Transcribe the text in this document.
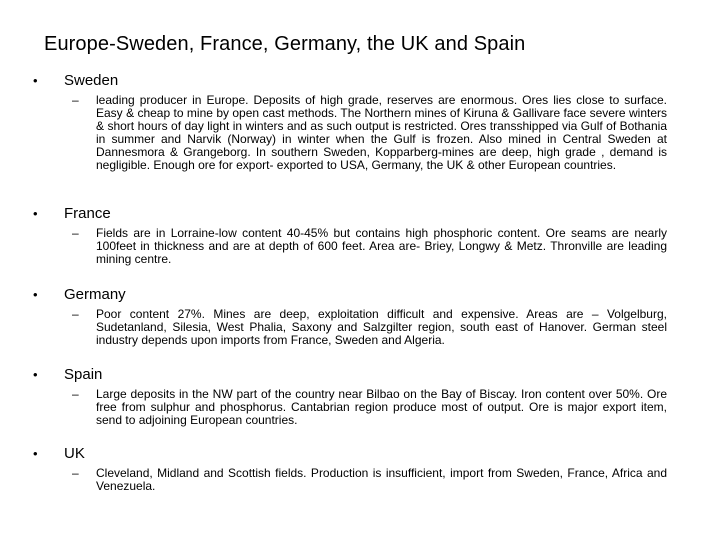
Europe-Sweden, France, Germany, the UK and Spain
• Sweden
– leading producer in Europe. Deposits of high grade, reserves are enormous. Ores lies close to surface. Easy & cheap to mine by open cast methods. The Northern mines of Kiruna & Gallivare face severe winters & short hours of day light in winters and as such output is restricted. Ores transshipped via Gulf of Bothania in summer and Narvik (Norway) in winter when the Gulf is frozen. Also mined in Central Sweden at Dannesmora & Grangeborg. In southern Sweden, Kopparberg-mines are deep, high grade , demand is negligible. Enough ore for export- exported to USA, Germany, the UK & other European countries.
• France
– Fields are in Lorraine-low content 40-45% but contains high phosphoric content. Ore seams are nearly 100feet in thickness and are at depth of 600 feet. Area are- Briey, Longwy & Metz. Thronville are leading mining centre.
• Germany
– Poor content 27%. Mines are deep, exploitation difficult and expensive. Areas are – Volgelburg, Sudetanland, Silesia, West Phalia, Saxony and Salzgilter region, south east of Hanover. German steel industry depends upon imports from France, Sweden and Algeria.
• Spain
– Large deposits in the NW part of the country near Bilbao on the Bay of Biscay. Iron content over 50%. Ore free from sulphur and phosphorus. Cantabrian region produce most of output. Ore is major export item, send to adjoining European countries.
• UK
– Cleveland, Midland and Scottish fields. Production is insufficient, import from Sweden, France, Africa and Venezuela.
